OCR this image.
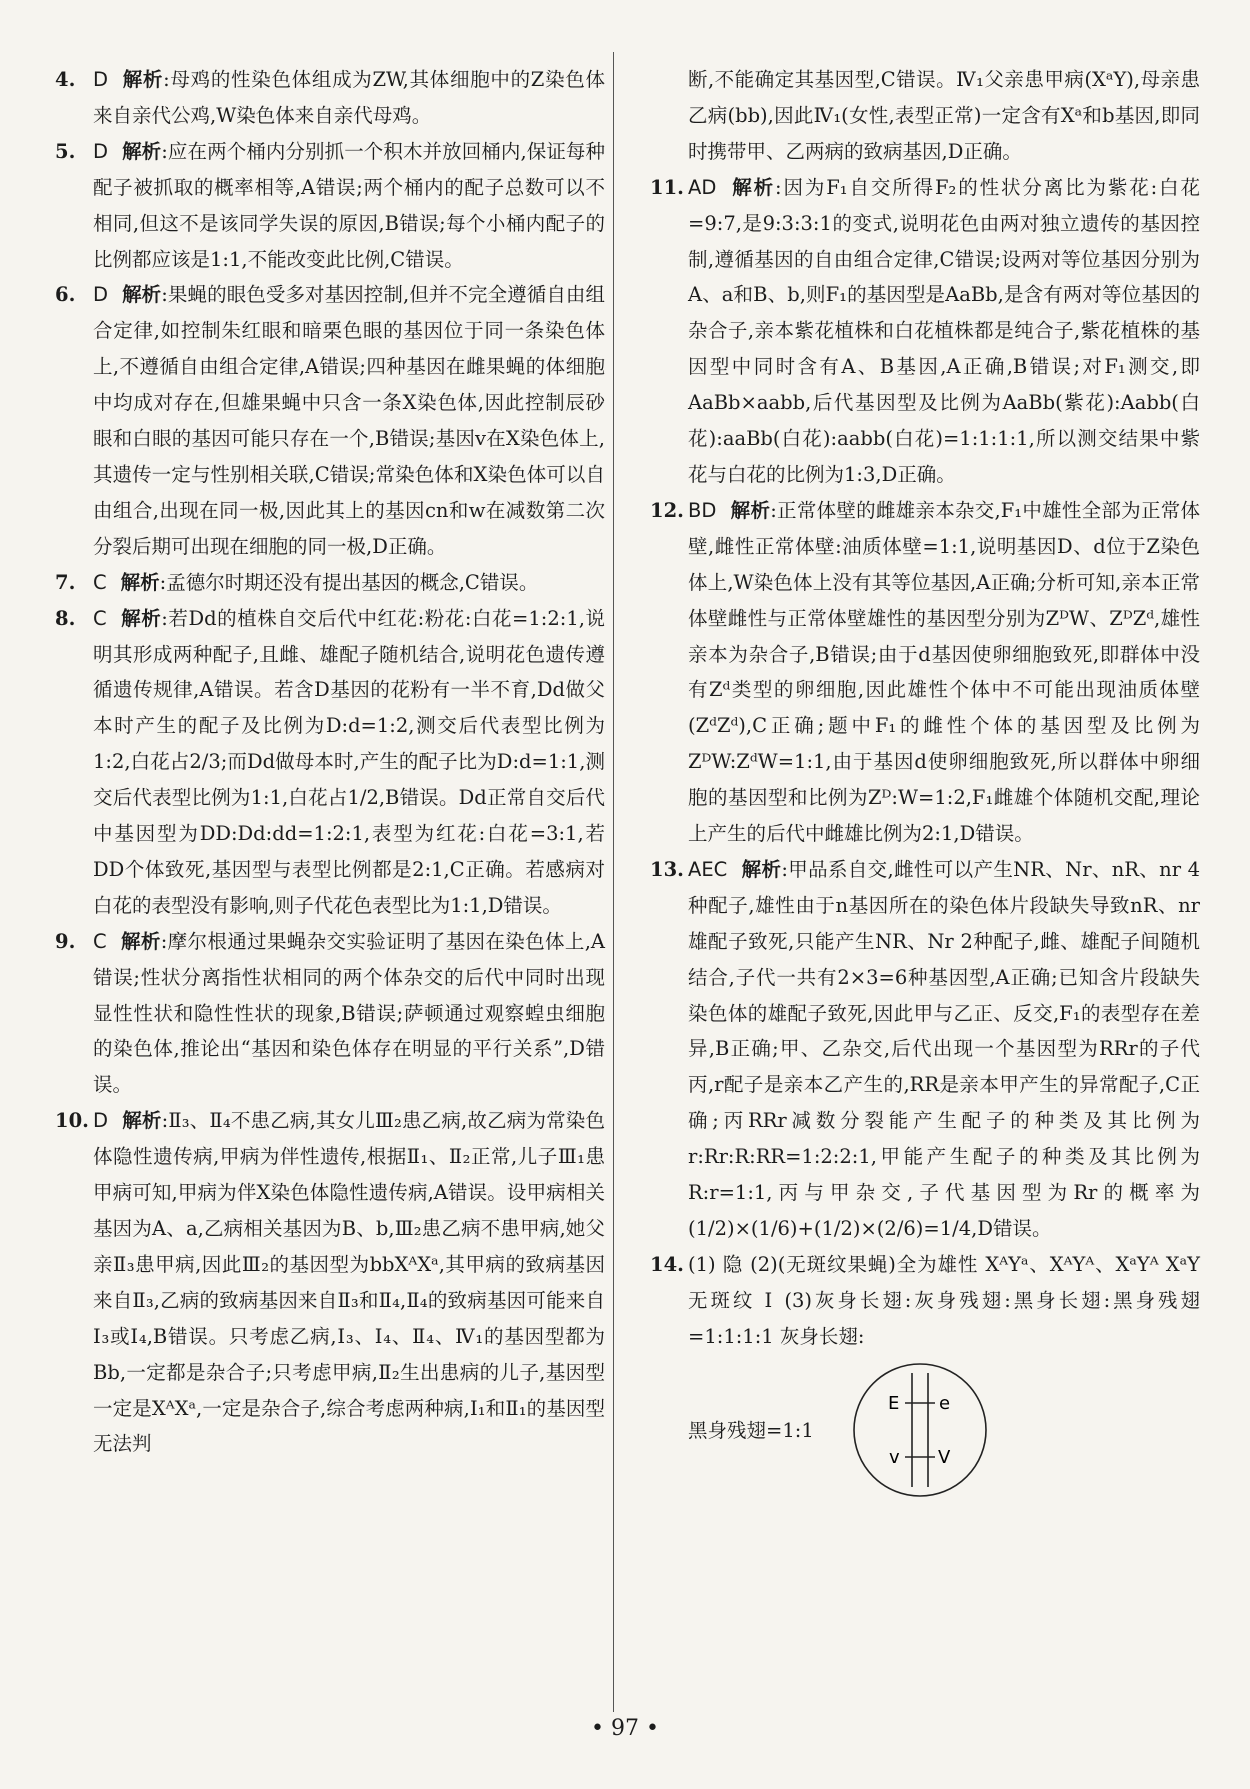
4. D 解析:母鸡的性染色体组成为ZW,其体细胞中的Z染色体来自亲代公鸡,W染色体来自亲代母鸡。
5. D 解析:应在两个桶内分别抓一个积木并放回桶内,保证每种配子被抓取的概率相等,A错误;两个桶内的配子总数可以不相同,但这不是该同学失误的原因,B错误;每个小桶内配子的比例都应该是1:1,不能改变此比例,C错误。
6. D 解析:果蝇的眼色受多对基因控制,但并不完全遵循自由组合定律,如控制朱红眼和暗栗色眼的基因位于同一条染色体上,不遵循自由组合定律,A错误;四种基因在雌果蝇的体细胞中均成对存在,但雄果蝇中只含一条X染色体,因此控制辰砂眼和白眼的基因可能只存在一个,B错误;基因v在X染色体上,其遗传一定与性别相关联,C错误;常染色体和X染色体可以自由组合,出现在同一极,因此其上的基因cn和w在减数第二次分裂后期可出现在细胞的同一极,D正确。
7. C 解析:孟德尔时期还没有提出基因的概念,C错误。
8. C 解析:若Dd的植株自交后代中红花:粉花:白花=1:2:1,说明其形成两种配子,且雌、雄配子随机结合,说明花色遗传遵循遗传规律,A错误。若含D基因的花粉有一半不育,Dd做父本时产生的配子及比例为D:d=1:2,测交后代表型比例为1:2,白花占2/3;而Dd做母本时,产生的配子比为D:d=1:1,测交后代表型比例为1:1,白花占1/2,B错误。Dd正常自交后代中基因型为DD:Dd:dd=1:2:1,表型为红花:白花=3:1,若DD个体致死,基因型与表型比例都是2:1,C正确。若感病对白花的表型没有影响,则子代花色表型比为1:1,D错误。
9. C 解析:摩尔根通过果蝇杂交实验证明了基因在染色体上,A错误;性状分离指性状相同的两个体杂交的后代中同时出现显性性状和隐性性状的现象,B错误;萨顿通过观察蝗虫细胞的染色体,推论出“基因和染色体存在明显的平行关系”,D错误。
10. D 解析:Ⅱ₃、Ⅱ₄不患乙病,其女儿Ⅲ₂患乙病,故乙病为常染色体隐性遗传病,甲病为伴性遗传,根据Ⅱ₁、Ⅱ₂正常,儿子Ⅲ₁患甲病可知,甲病为伴X染色体隐性遗传病,A错误。设甲病相关基因为A、a,乙病相关基因为B、b,Ⅲ₂患乙病不患甲病,她父亲Ⅱ₃患甲病,因此Ⅲ₂的基因型为bbXᴬXᵃ,其甲病的致病基因来自Ⅱ₃,乙病的致病基因来自Ⅱ₃和Ⅱ₄,Ⅱ₄的致病基因可能来自Ⅰ₃或Ⅰ₄,B错误。只考虑乙病,Ⅰ₃、Ⅰ₄、Ⅱ₄、Ⅳ₁的基因型都为Bb,一定都是杂合子;只考虑甲病,Ⅱ₂生出患病的儿子,基因型一定是XᴬXᵃ,一定是杂合子,综合考虑两种病,Ⅰ₁和Ⅱ₁的基因型无法判
断,不能确定其基因型,C错误。Ⅳ₁父亲患甲病(XᵃY),母亲患乙病(bb),因此Ⅳ₁(女性,表型正常)一定含有Xᵃ和b基因,即同时携带甲、乙两病的致病基因,D正确。
11. AD 解析:因为F₁自交所得F₂的性状分离比为紫花:白花=9:7,是9:3:3:1的变式,说明花色由两对独立遗传的基因控制,遵循基因的自由组合定律,C错误;设两对等位基因分别为A、a和B、b,则F₁的基因型是AaBb,是含有两对等位基因的杂合子,亲本紫花植株和白花植株都是纯合子,紫花植株的基因型中同时含有A、B基因,A正确,B错误;对F₁测交,即AaBb×aabb,后代基因型及比例为AaBb(紫花):Aabb(白花):aaBb(白花):aabb(白花)=1:1:1:1,所以测交结果中紫花与白花的比例为1:3,D正确。
12. BD 解析:正常体壁的雌雄亲本杂交,F₁中雄性全部为正常体壁,雌性正常体壁:油质体壁=1:1,说明基因D、d位于Z染色体上,W染色体上没有其等位基因,A正确;分析可知,亲本正常体壁雌性与正常体壁雄性的基因型分别为ZᴰW、ZᴰZᵈ,雄性亲本为杂合子,B错误;由于d基因使卵细胞致死,即群体中没有Zᵈ类型的卵细胞,因此雄性个体中不可能出现油质体壁(ZᵈZᵈ),C正确;题中F₁的雌性个体的基因型及比例为ZᴰW:ZᵈW=1:1,由于基因d使卵细胞致死,所以群体中卵细胞的基因型和比例为Zᴰ:W=1:2,F₁雌雄个体随机交配,理论上产生的后代中雌雄比例为2:1,D错误。
13. AEC 解析:甲品系自交,雌性可以产生NR、Nr、nR、nr 4种配子,雄性由于n基因所在的染色体片段缺失导致nR、nr雄配子致死,只能产生NR、Nr 2种配子,雌、雄配子间随机结合,子代一共有2×3=6种基因型,A正确;已知含片段缺失染色体的雄配子致死,因此甲与乙正、反交,F₁的表型存在差异,B正确;甲、乙杂交,后代出现一个基因型为RRr的子代丙,r配子是亲本乙产生的,RR是亲本甲产生的异常配子,C正确;丙RRr减数分裂能产生配子的种类及其比例为r:Rr:R:RR=1:2:2:1,甲能产生配子的种类及其比例为R:r=1:1,丙与甲杂交,子代基因型为Rr的概率为(1/2)×(1/6)+(1/2)×(2/6)=1/4,D错误。
14. (1) 隐 (2)(无斑纹果蝇)全为雄性 XᴬYᵃ、XᴬYᴬ、XᵃYᴬ XᵃY 无斑纹 Ⅰ (3)灰身长翅:灰身残翅:黑身长翅:黑身残翅=1:1:1:1 灰身长翅:
黑身残翅=1:1
E e
v V
• 97 •
